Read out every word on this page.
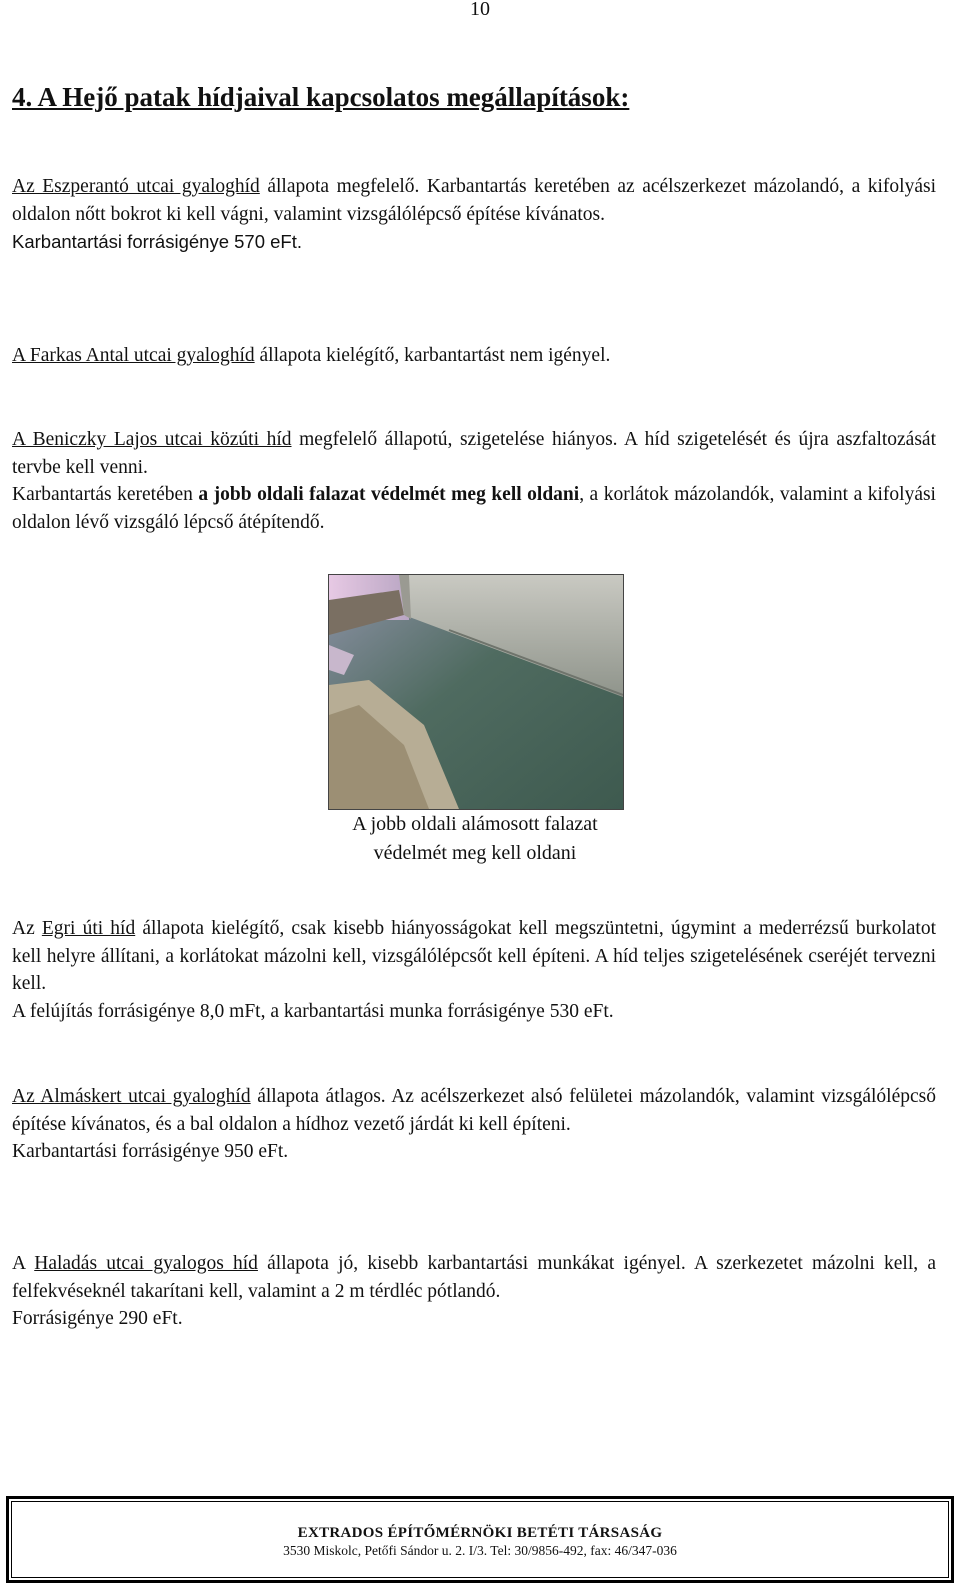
10
4. A Hejő patak hídjaival kapcsolatos megállapítások:
Az Eszperantó utcai gyaloghíd állapota megfelelő. Karbantartás keretében az acélszerkezet mázolandó, a kifolyási oldalon nőtt bokrot ki kell vágni, valamint vizsgálólépcső építése kívánatos.
Karbantartási forrásigénye 570 eFt.
A Farkas Antal utcai gyaloghíd állapota kielégítő, karbantartást nem igényel.
A Beniczky Lajos utcai közúti híd megfelelő állapotú, szigetelése hiányos. A híd szigetelését és újra aszfaltozását tervbe kell venni.
Karbantartás keretében a jobb oldali falazat védelmét meg kell oldani, a korlátok mázolandók, valamint a kifolyási oldalon lévő vizsgáló lépcső átépítendő.
A jobb oldali alámosott falazat
védelmét meg kell oldani
Az Egri úti híd állapota kielégítő, csak kisebb hiányosságokat kell megszüntetni, úgymint a mederrézsű burkolatot kell helyre állítani, a korlátokat mázolni kell, vizsgálólépcsőt kell építeni. A híd teljes szigetelésének cseréjét tervezni kell.
A felújítás forrásigénye 8,0 mFt, a karbantartási munka forrásigénye 530 eFt.
Az Almáskert utcai gyaloghíd állapota átlagos. Az acélszerkezet alsó felületei mázolandók, valamint vizsgálólépcső építése kívánatos, és a bal oldalon a hídhoz vezető járdát ki kell építeni.
Karbantartási forrásigénye 950 eFt.
A Haladás utcai gyalogos híd állapota jó, kisebb karbantartási munkákat igényel. A szerkezetet mázolni kell, a felfekvéseknél takarítani kell, valamint a 2 m térdléc pótlandó.
Forrásigénye 290 eFt.
EXTRADOS ÉPÍTŐMÉRNÖKI BETÉTI TÁRSASÁG
3530 Miskolc, Petőfi Sándor u. 2. I/3. Tel: 30/9856-492, fax: 46/347-036
